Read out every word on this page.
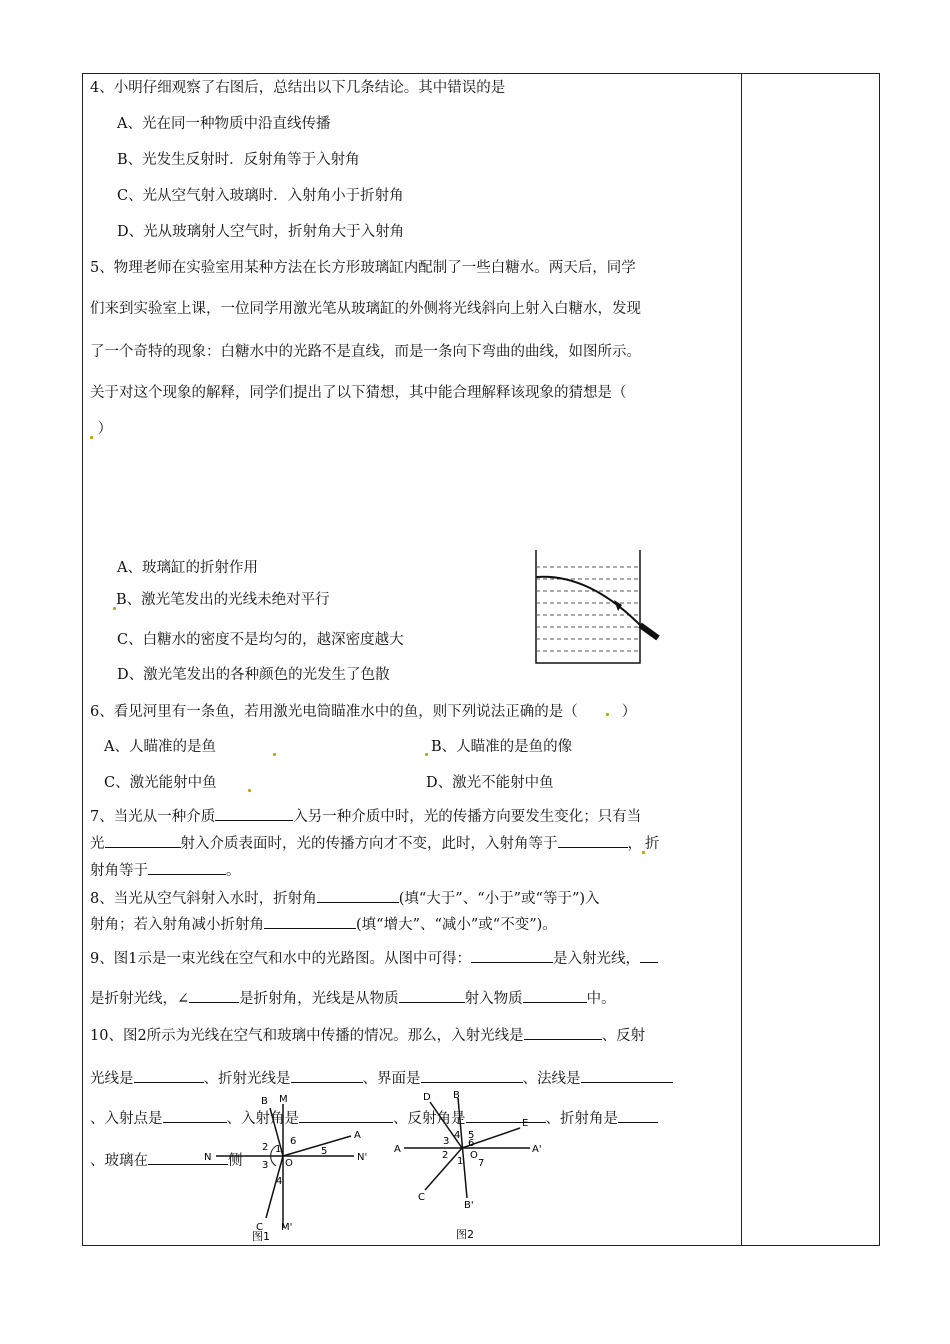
4、小明仔细观察了右图后，总结出以下几条结论。其中错误的是
A、光在同一种物质中沿直线传播
B、光发生反射时．反射角等于入射角
C、光从空气射入玻璃时．入射角小于折射角
D、光从玻璃射人空气时，折射角大于入射角
5、物理老师在实验室用某种方法在长方形玻璃缸内配制了一些白糖水。两天后，同学
们来到实验室上课，一位同学用激光笔从玻璃缸的外侧将光线斜向上射入白糖水，发现
了一个奇特的现象：白糖水中的光路不是直线，而是一条向下弯曲的曲线，如图所示。
关于对这个现象的解释，同学们提出了以下猜想，其中能合理解释该现象的猜想是（
）
A、玻璃缸的折射作用
B、激光笔发出的光线未绝对平行
C、白糖水的密度不是均匀的，越深密度越大
D、激光笔发出的各种颜色的光发生了色散
6、看见河里有一条鱼，若用激光电筒瞄准水中的鱼，则下列说法正确的是（	）
A、人瞄准的是鱼	B、人瞄准的是鱼的像
C、激光能射中鱼	D、激光不能射中鱼
7、当光从一种介质	入另一种介质中时，光的传播方向要发生变化；只有当
光	射入介质表面时，光的传播方向才不变，此时，入射角等于	， 折
射角等于	。
8、当光从空气斜射入水时，折射角	(填“大于”、“小于”或“等于”)入
射角；若入射角减小折射角	(填“增大”、“减小”或“不变”)。
9、图1示是一束光线在空气和水中的光路图。从图中可得：	是入射光线，
是折射光线，∠	是折射角，光线是从物质	射入物质	中。
10、图2所示为光线在空气和玻璃中传播的情况。那么，入射光线是	、反射
光线是	、折射光线是	、界面是	、法线是
、入射点是	、入射角是	、反射角是	、折射角是
、玻璃在	侧
B M
A
N	N'
C M'
O
1
2
3
4
5
6
图1
B
D
E
A	A'
C
B'
O
1
2
3
4 5
6
7
图2
